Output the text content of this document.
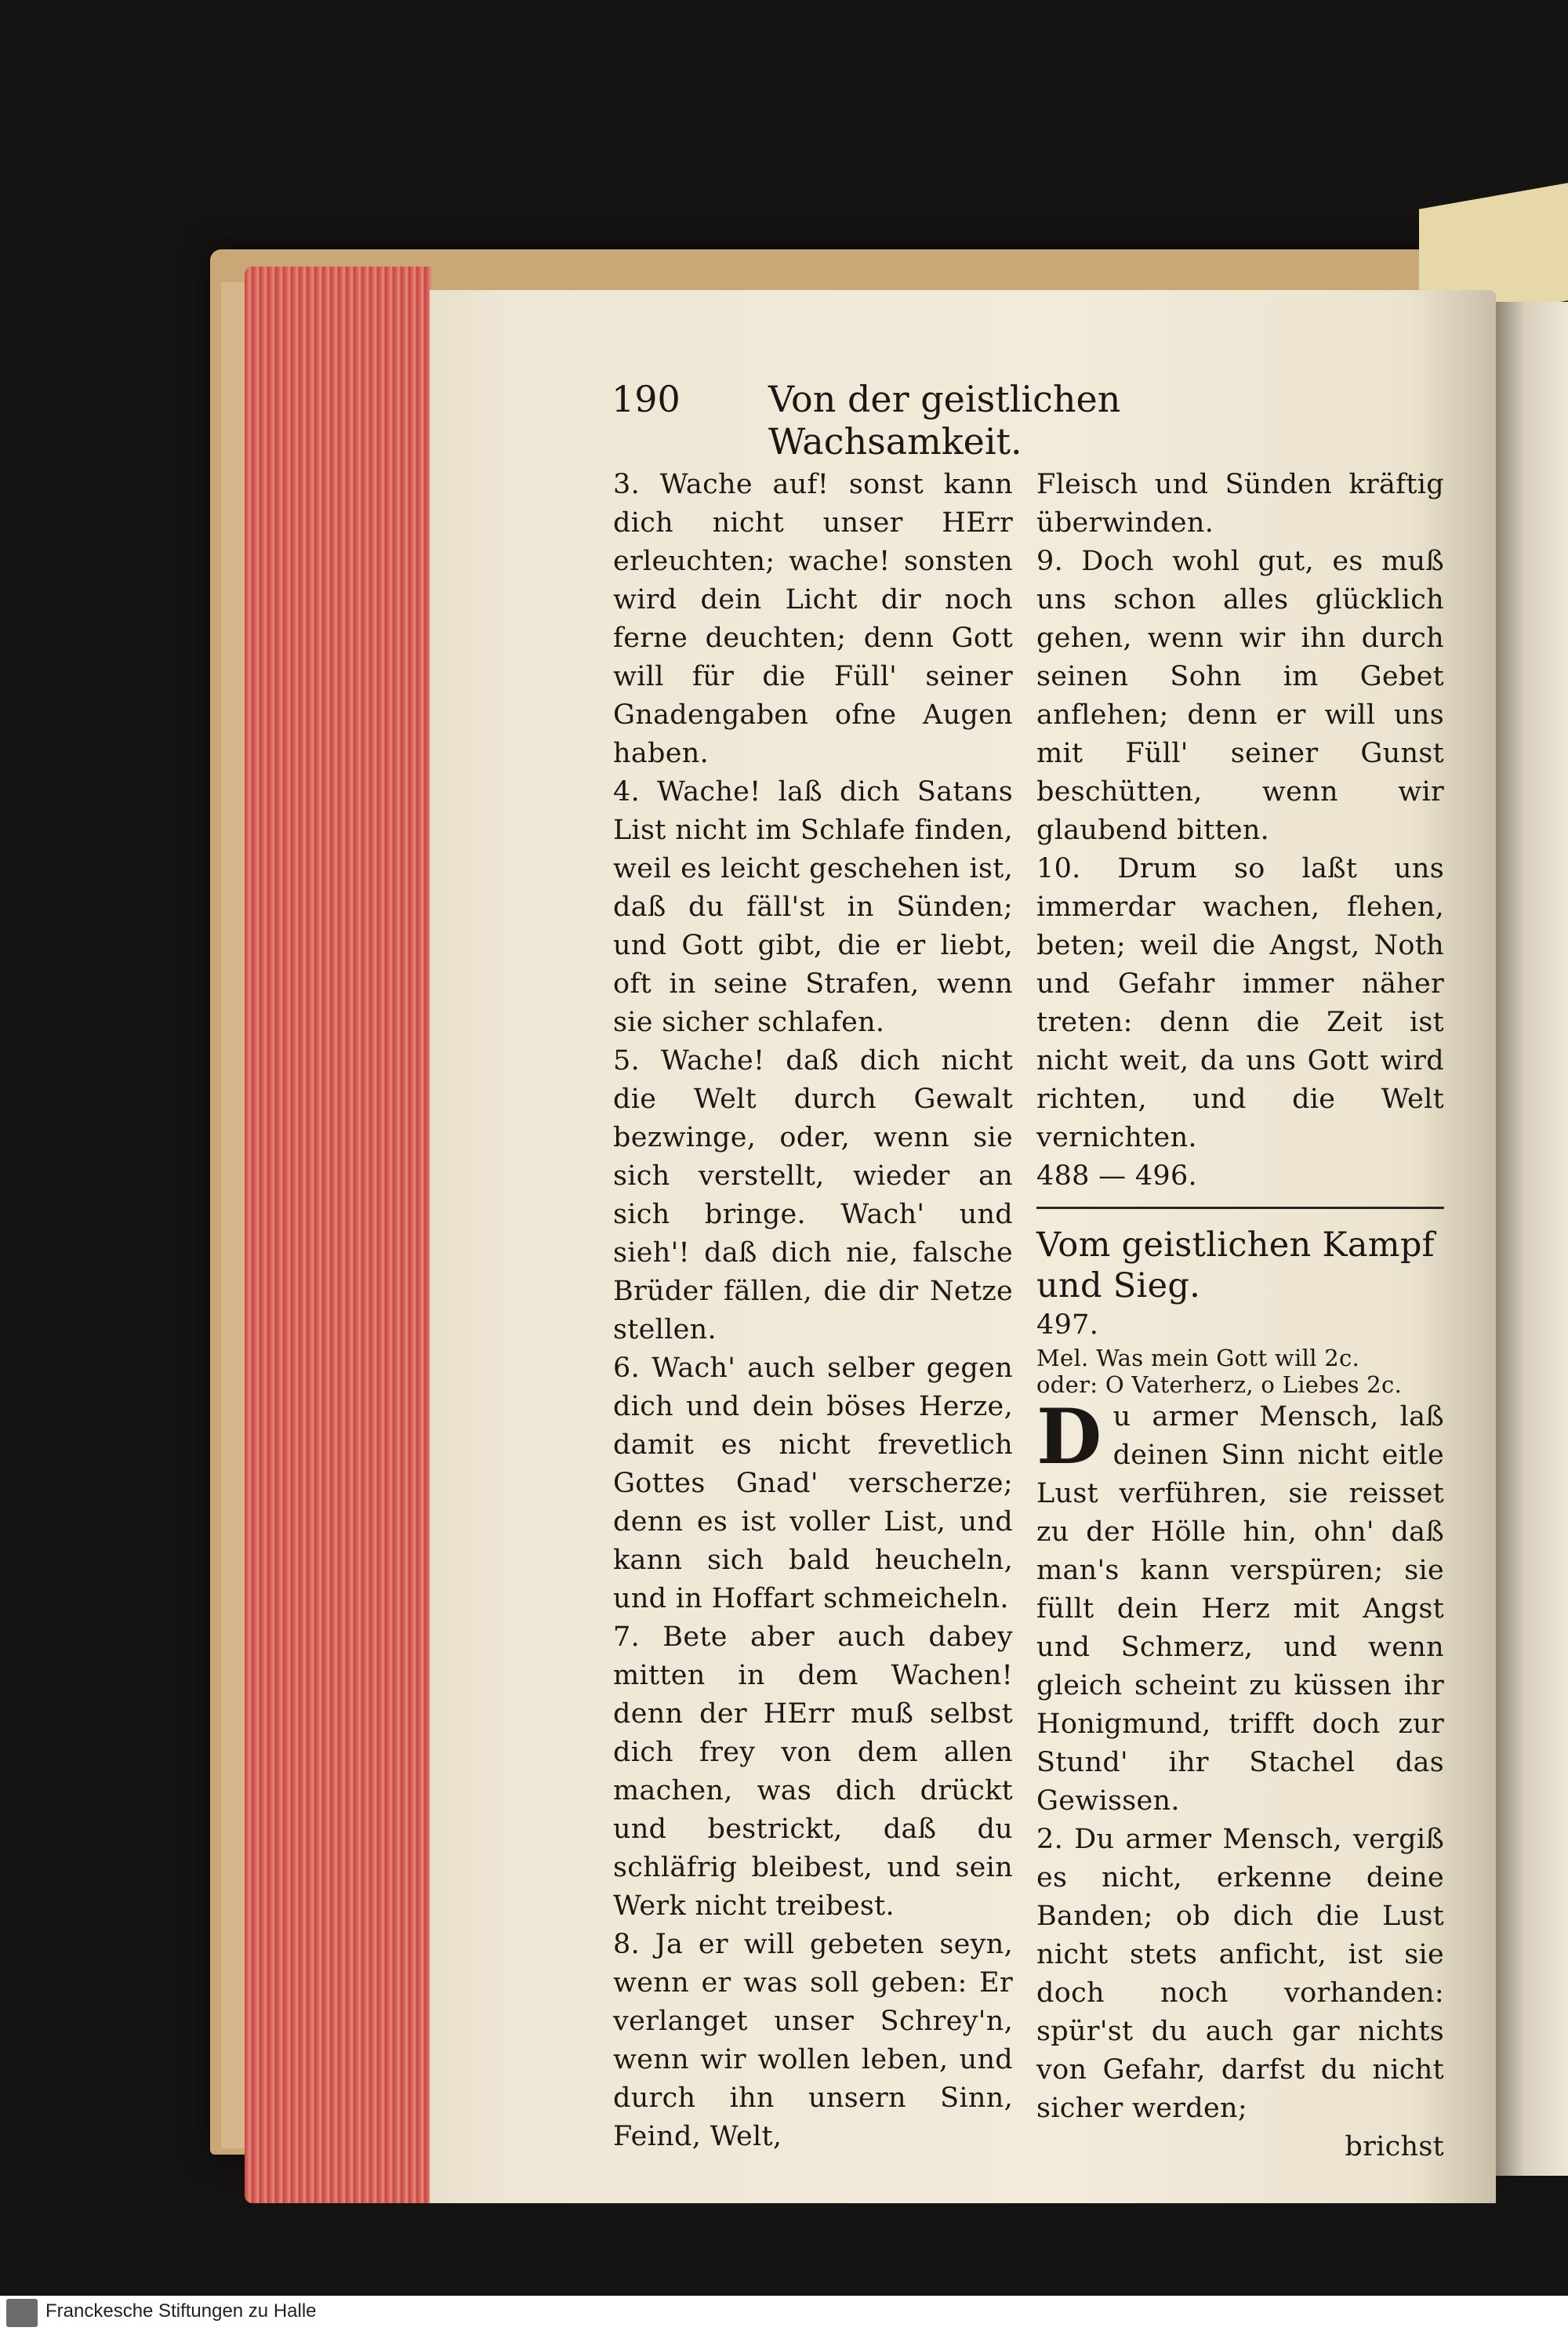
190 Von der geistlichen Wachsamkeit.

3. Wache auf! sonst kann dich nicht unser HErr erleuchten; wache! sonsten wird dein Licht dir noch ferne deuchten; denn Gott will für die Füll' seiner Gnadengaben ofne Augen haben.

4. Wache! laß dich Satans List nicht im Schlafe finden, weil es leicht geschehen ist, daß du fäll'st in Sünden; und Gott gibt, die er liebt, oft in seine Strafen, wenn sie sicher schlafen.

5. Wache! daß dich nicht die Welt durch Gewalt bezwinge, oder, wenn sie sich verstellt, wieder an sich bringe. Wach' und sieh'! daß dich nie, falsche Brüder fällen, die dir Netze stellen.

6. Wach' auch selber gegen dich und dein böses Herze, damit es nicht frevetlich Gottes Gnad' verscherze; denn es ist voller List, und kann sich bald heucheln, und in Hoffart schmeicheln.

7. Bete aber auch dabey mitten in dem Wachen! denn der HErr muß selbst dich frey von dem allen machen, was dich drückt und bestrickt, daß du schläfrig bleibest, und sein Werk nicht treibest.

8. Ja er will gebeten seyn, wenn er was soll geben: Er verlanget unser Schrey'n, wenn wir wollen leben, und durch ihn unsern Sinn, Feind, Welt,

Fleisch und Sünden kräftig überwinden.

9. Doch wohl gut, es muß uns schon alles glücklich gehen, wenn wir ihn durch seinen Sohn im Gebet anflehen; denn er will uns mit Füll' seiner Gunst beschütten, wenn wir glaubend bitten.

10. Drum so laßt uns immerdar wachen, flehen, beten; weil die Angst, Noth und Gefahr immer näher treten: denn die Zeit ist nicht weit, da uns Gott wird richten, und die Welt vernichten.

488 — 496.

Vom geistlichen Kampf

und Sieg.

497.

Mel. Was mein Gott will 2c.

oder: O Vaterherz, o Liebes 2c.

D u armer Mensch, laß deinen Sinn nicht eitle Lust verführen, sie reisset zu der Hölle hin, ohn' daß man's kann verspüren; sie füllt dein Herz mit Angst und Schmerz, und wenn gleich scheint zu küssen ihr Honigmund, trifft doch zur Stund' ihr Stachel das Gewissen.

2. Du armer Mensch, vergiß es nicht, erkenne deine Banden; ob dich die Lust nicht stets anficht, ist sie doch noch vorhanden: spür'st du auch gar nichts von Gefahr, darfst du nicht sicher werden;

brichst

Franckesche Stiftungen zu Halle
